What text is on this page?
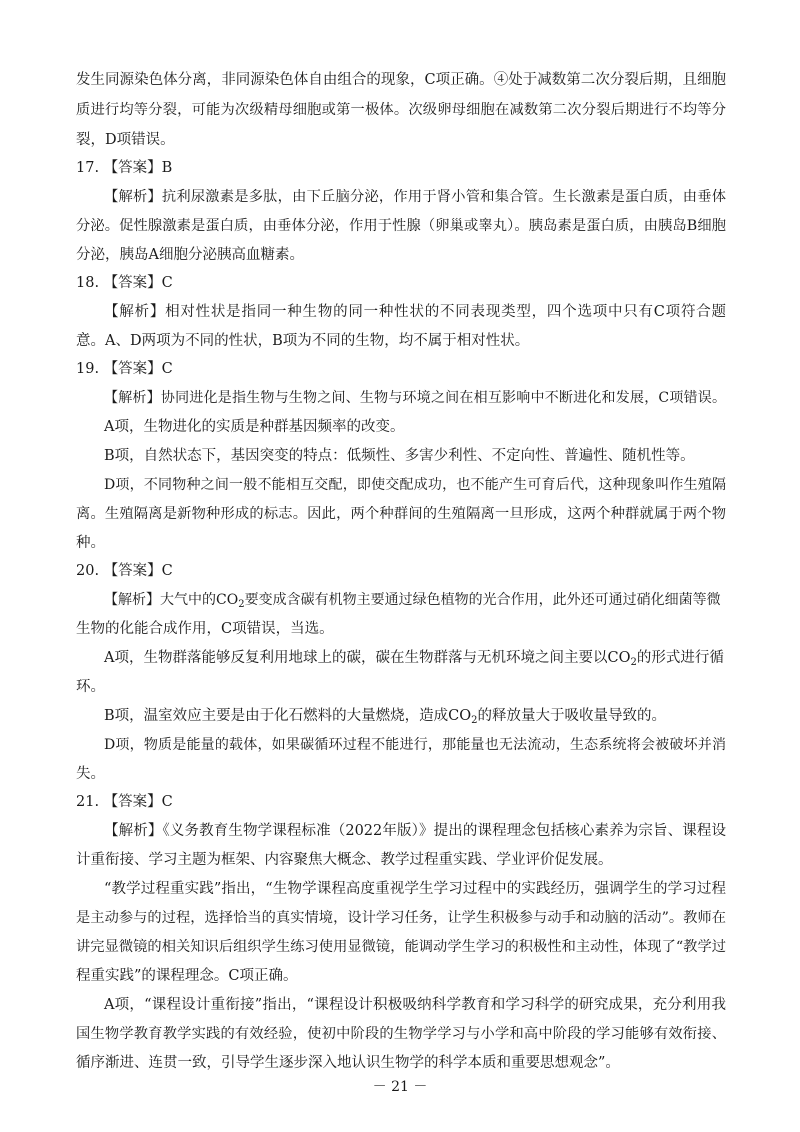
发生同源染色体分离，非同源染色体自由组合的现象，C项正确。④处于减数第二次分裂后期，且细胞
质进行均等分裂，可能为次级精母细胞或第一极体。次级卵母细胞在减数第二次分裂后期进行不均等分
裂，D项错误。
17. 【答案】B
【解析】抗利尿激素是多肽，由下丘脑分泌，作用于肾小管和集合管。生长激素是蛋白质，由垂体
分泌。促性腺激素是蛋白质，由垂体分泌，作用于性腺（卵巢或睾丸）。胰岛素是蛋白质，由胰岛B细胞
分泌，胰岛A细胞分泌胰高血糖素。
18. 【答案】C
【解析】相对性状是指同一种生物的同一种性状的不同表现类型，四个选项中只有C项符合题
意。A、D两项为不同的性状，B项为不同的生物，均不属于相对性状。
19. 【答案】C
【解析】协同进化是指生物与生物之间、生物与环境之间在相互影响中不断进化和发展，C项错误。
A项，生物进化的实质是种群基因频率的改变。
B项，自然状态下，基因突变的特点：低频性、多害少利性、不定向性、普遍性、随机性等。
D项，不同物种之间一般不能相互交配，即使交配成功，也不能产生可育后代，这种现象叫作生殖隔
离。生殖隔离是新物种形成的标志。因此，两个种群间的生殖隔离一旦形成，这两个种群就属于两个物
种。
20. 【答案】C
【解析】大气中的$CO_2$要变成含碳有机物主要通过绿色植物的光合作用，此外还可通过硝化细菌等微
生物的化能合成作用，C项错误，当选。
A项，生物群落能够反复利用地球上的碳，碳在生物群落与无机环境之间主要以$CO_2$的形式进行循
环。
B项，温室效应主要是由于化石燃料的大量燃烧，造成$CO_2$的释放量大于吸收量导致的。
D项，物质是能量的载体，如果碳循环过程不能进行，那能量也无法流动，生态系统将会被破坏并消
失。
21. 【答案】C
【解析】《义务教育生物学课程标准（2022年版）》提出的课程理念包括核心素养为宗旨、课程设
计重衔接、学习主题为框架、内容聚焦大概念、教学过程重实践、学业评价促发展。
“教学过程重实践”指出，“生物学课程高度重视学生学习过程中的实践经历，强调学生的学习过程
是主动参与的过程，选择恰当的真实情境，设计学习任务，让学生积极参与动手和动脑的活动”。教师在
讲完显微镜的相关知识后组织学生练习使用显微镜，能调动学生学习的积极性和主动性，体现了“教学过
程重实践”的课程理念。C项正确。
A项，“课程设计重衔接”指出，“课程设计积极吸纳科学教育和学习科学的研究成果，充分利用我
国生物学教育教学实践的有效经验，使初中阶段的生物学学习与小学和高中阶段的学习能够有效衔接、
循序渐进、连贯一致，引导学生逐步深入地认识生物学的科学本质和重要思想观念”。
－ 21 －
